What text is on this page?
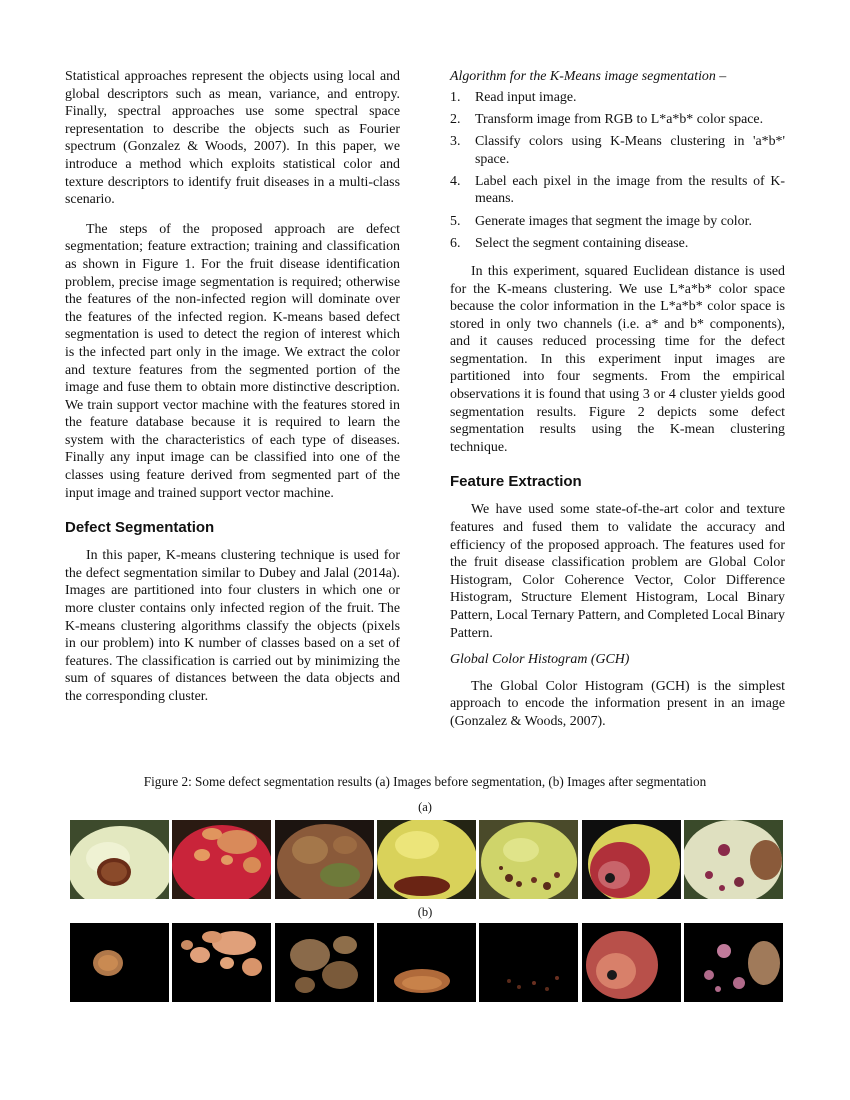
Statistical approaches represent the objects using local and global descriptors such as mean, variance, and entropy. Finally, spectral approaches use some spectral space representation to describe the objects such as Fourier spectrum (Gonzalez & Woods, 2007). In this paper, we introduce a method which exploits statistical color and texture descriptors to identify fruit diseases in a multi-class scenario.

The steps of the proposed approach are defect segmentation; feature extraction; training and classification as shown in Figure 1. For the fruit disease identification problem, precise image segmentation is required; otherwise the features of the non-infected region will dominate over the features of the infected region. K-means based defect segmentation is used to detect the region of interest which is the infected part only in the image. We extract the color and texture features from the segmented portion of the image and fuse them to obtain more distinctive description. We train support vector machine with the features stored in the feature database because it is required to learn the system with the characteristics of each type of diseases. Finally any input image can be classified into one of the classes using feature derived from segmented part of the input image and trained support vector machine.

Defect Segmentation

In this paper, K-means clustering technique is used for the defect segmentation similar to Dubey and Jalal (2014a). Images are partitioned into four clusters in which one or more cluster contains only infected region of the fruit. The K-means clustering algorithms classify the objects (pixels in our problem) into K number of classes based on a set of features. The classification is carried out by minimizing the sum of squares of distances between the data objects and the corresponding cluster.

Algorithm for the K-Means image segmentation –

1. Read input image.
2. Transform image from RGB to L*a*b* color space.
3. Classify colors using K-Means clustering in 'a*b*' space.
4. Label each pixel in the image from the results of K-means.
5. Generate images that segment the image by color.
6. Select the segment containing disease.

In this experiment, squared Euclidean distance is used for the K-means clustering. We use L*a*b* color space because the color information in the L*a*b* color space is stored in only two channels (i.e. a* and b* components), and it causes reduced processing time for the defect segmentation. In this experiment input images are partitioned into four segments. From the empirical observations it is found that using 3 or 4 cluster yields good segmentation results. Figure 2 depicts some defect segmentation results using the K-mean clustering technique.

Feature Extraction

We have used some state-of-the-art color and texture features and fused them to validate the accuracy and efficiency of the proposed approach. The features used for the fruit disease classification problem are Global Color Histogram, Color Coherence Vector, Color Difference Histogram, Structure Element Histogram, Local Binary Pattern, Local Ternary Pattern, and Completed Local Binary Pattern.

Global Color Histogram (GCH)

The Global Color Histogram (GCH) is the simplest approach to encode the information present in an image (Gonzalez & Woods, 2007).

Figure 2: Some defect segmentation results (a) Images before segmentation, (b) Images after segmentation
(a)
(b)
